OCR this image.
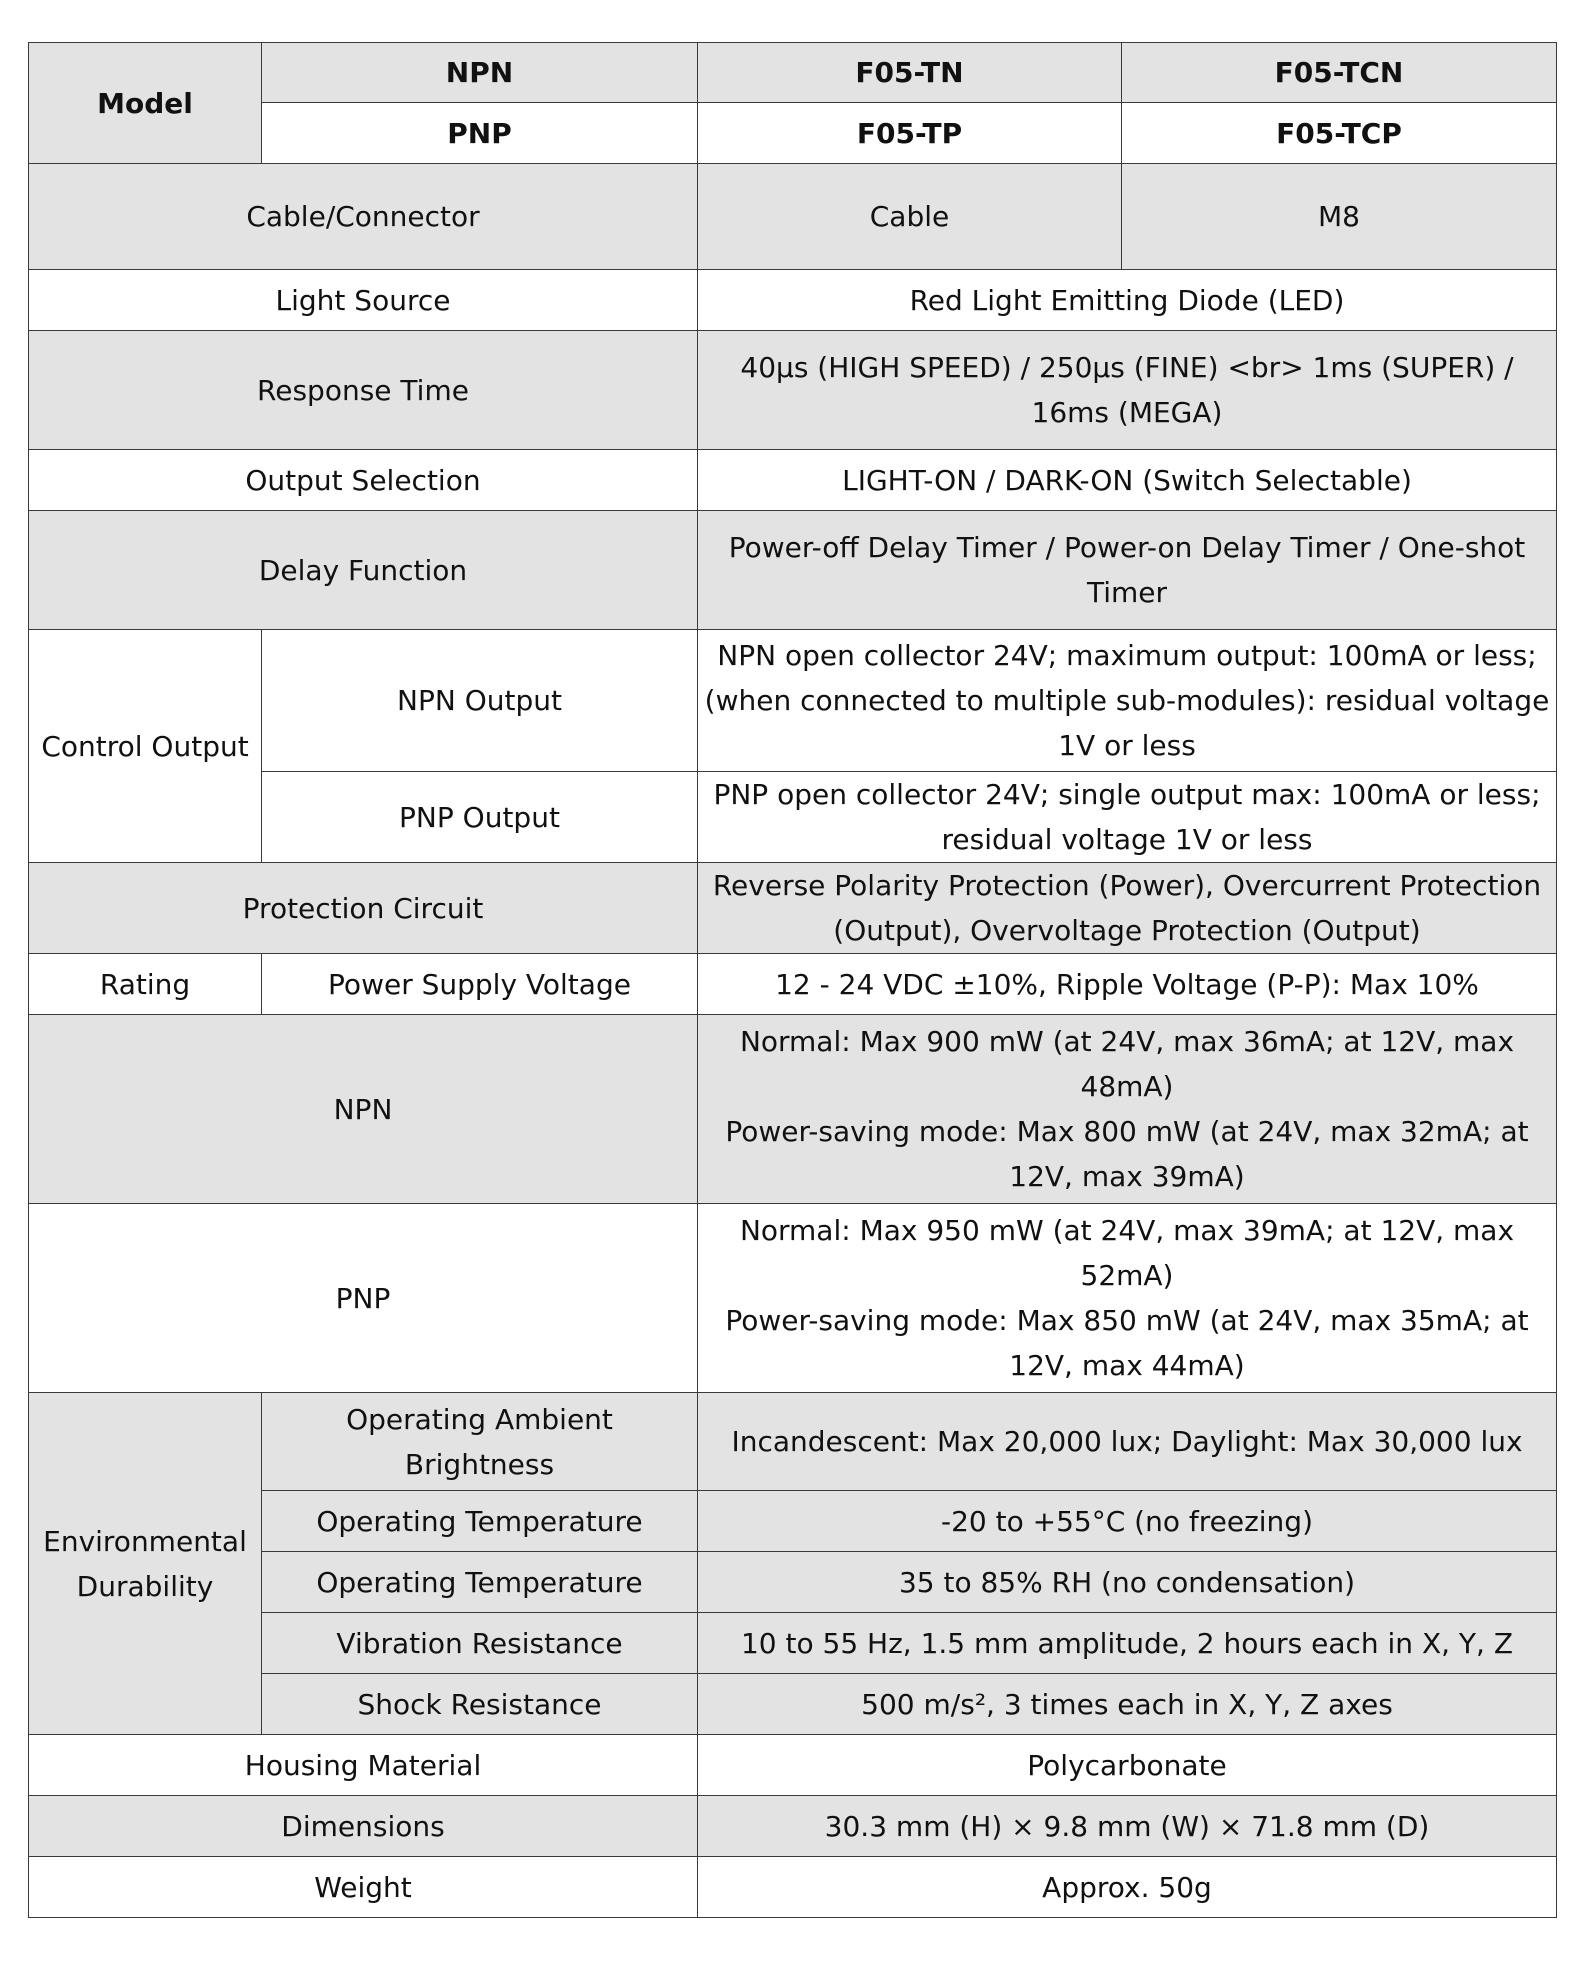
Model	NPN	F05-TN	F05-TCN
	PNP	F05-TP	F05-TCP
Cable/Connector		Cable	M8
Light Source		Red Light Emitting Diode (LED)	
Response Time		40μs (HIGH SPEED) / 250μs (FINE) <br> 1ms (SUPER) / 16ms (MEGA)	
Output Selection		LIGHT-ON / DARK-ON (Switch Selectable)	
Delay Function		Power-off Delay Timer / Power-on Delay Timer / One-shot Timer	
Control Output	NPN Output	NPN open collector 24V; maximum output: 100mA or less; (when connected to multiple sub-modules): residual voltage 1V or less	
	PNP Output	PNP open collector 24V; single output max: 100mA or less; residual voltage 1V or less	
Protection Circuit		Reverse Polarity Protection (Power), Overcurrent Protection (Output), Overvoltage Protection (Output)	
Rating	Power Supply Voltage	12 - 24 VDC ±10%, Ripple Voltage (P-P): Max 10%	
NPN		Normal: Max 900 mW (at 24V, max 36mA; at 12V, max 48mA)
Power-saving mode: Max 800 mW (at 24V, max 32mA; at 12V, max 39mA)	
PNP		Normal: Max 950 mW (at 24V, max 39mA; at 12V, max 52mA)
Power-saving mode: Max 850 mW (at 24V, max 35mA; at 12V, max 44mA)	
Environmental Durability	Operating Ambient Brightness	Incandescent: Max 20,000 lux; Daylight: Max 30,000 lux	
	Operating Temperature	-20 to +55°C (no freezing)	
	Operating Temperature	35 to 85% RH (no condensation)	
	Vibration Resistance	10 to 55 Hz, 1.5 mm amplitude, 2 hours each in X, Y, Z	
	Shock Resistance	500 m/s², 3 times each in X, Y, Z axes	
Housing Material		Polycarbonate	
Dimensions		30.3 mm (H) × 9.8 mm (W) × 71.8 mm (D)	
Weight		Approx. 50g	
